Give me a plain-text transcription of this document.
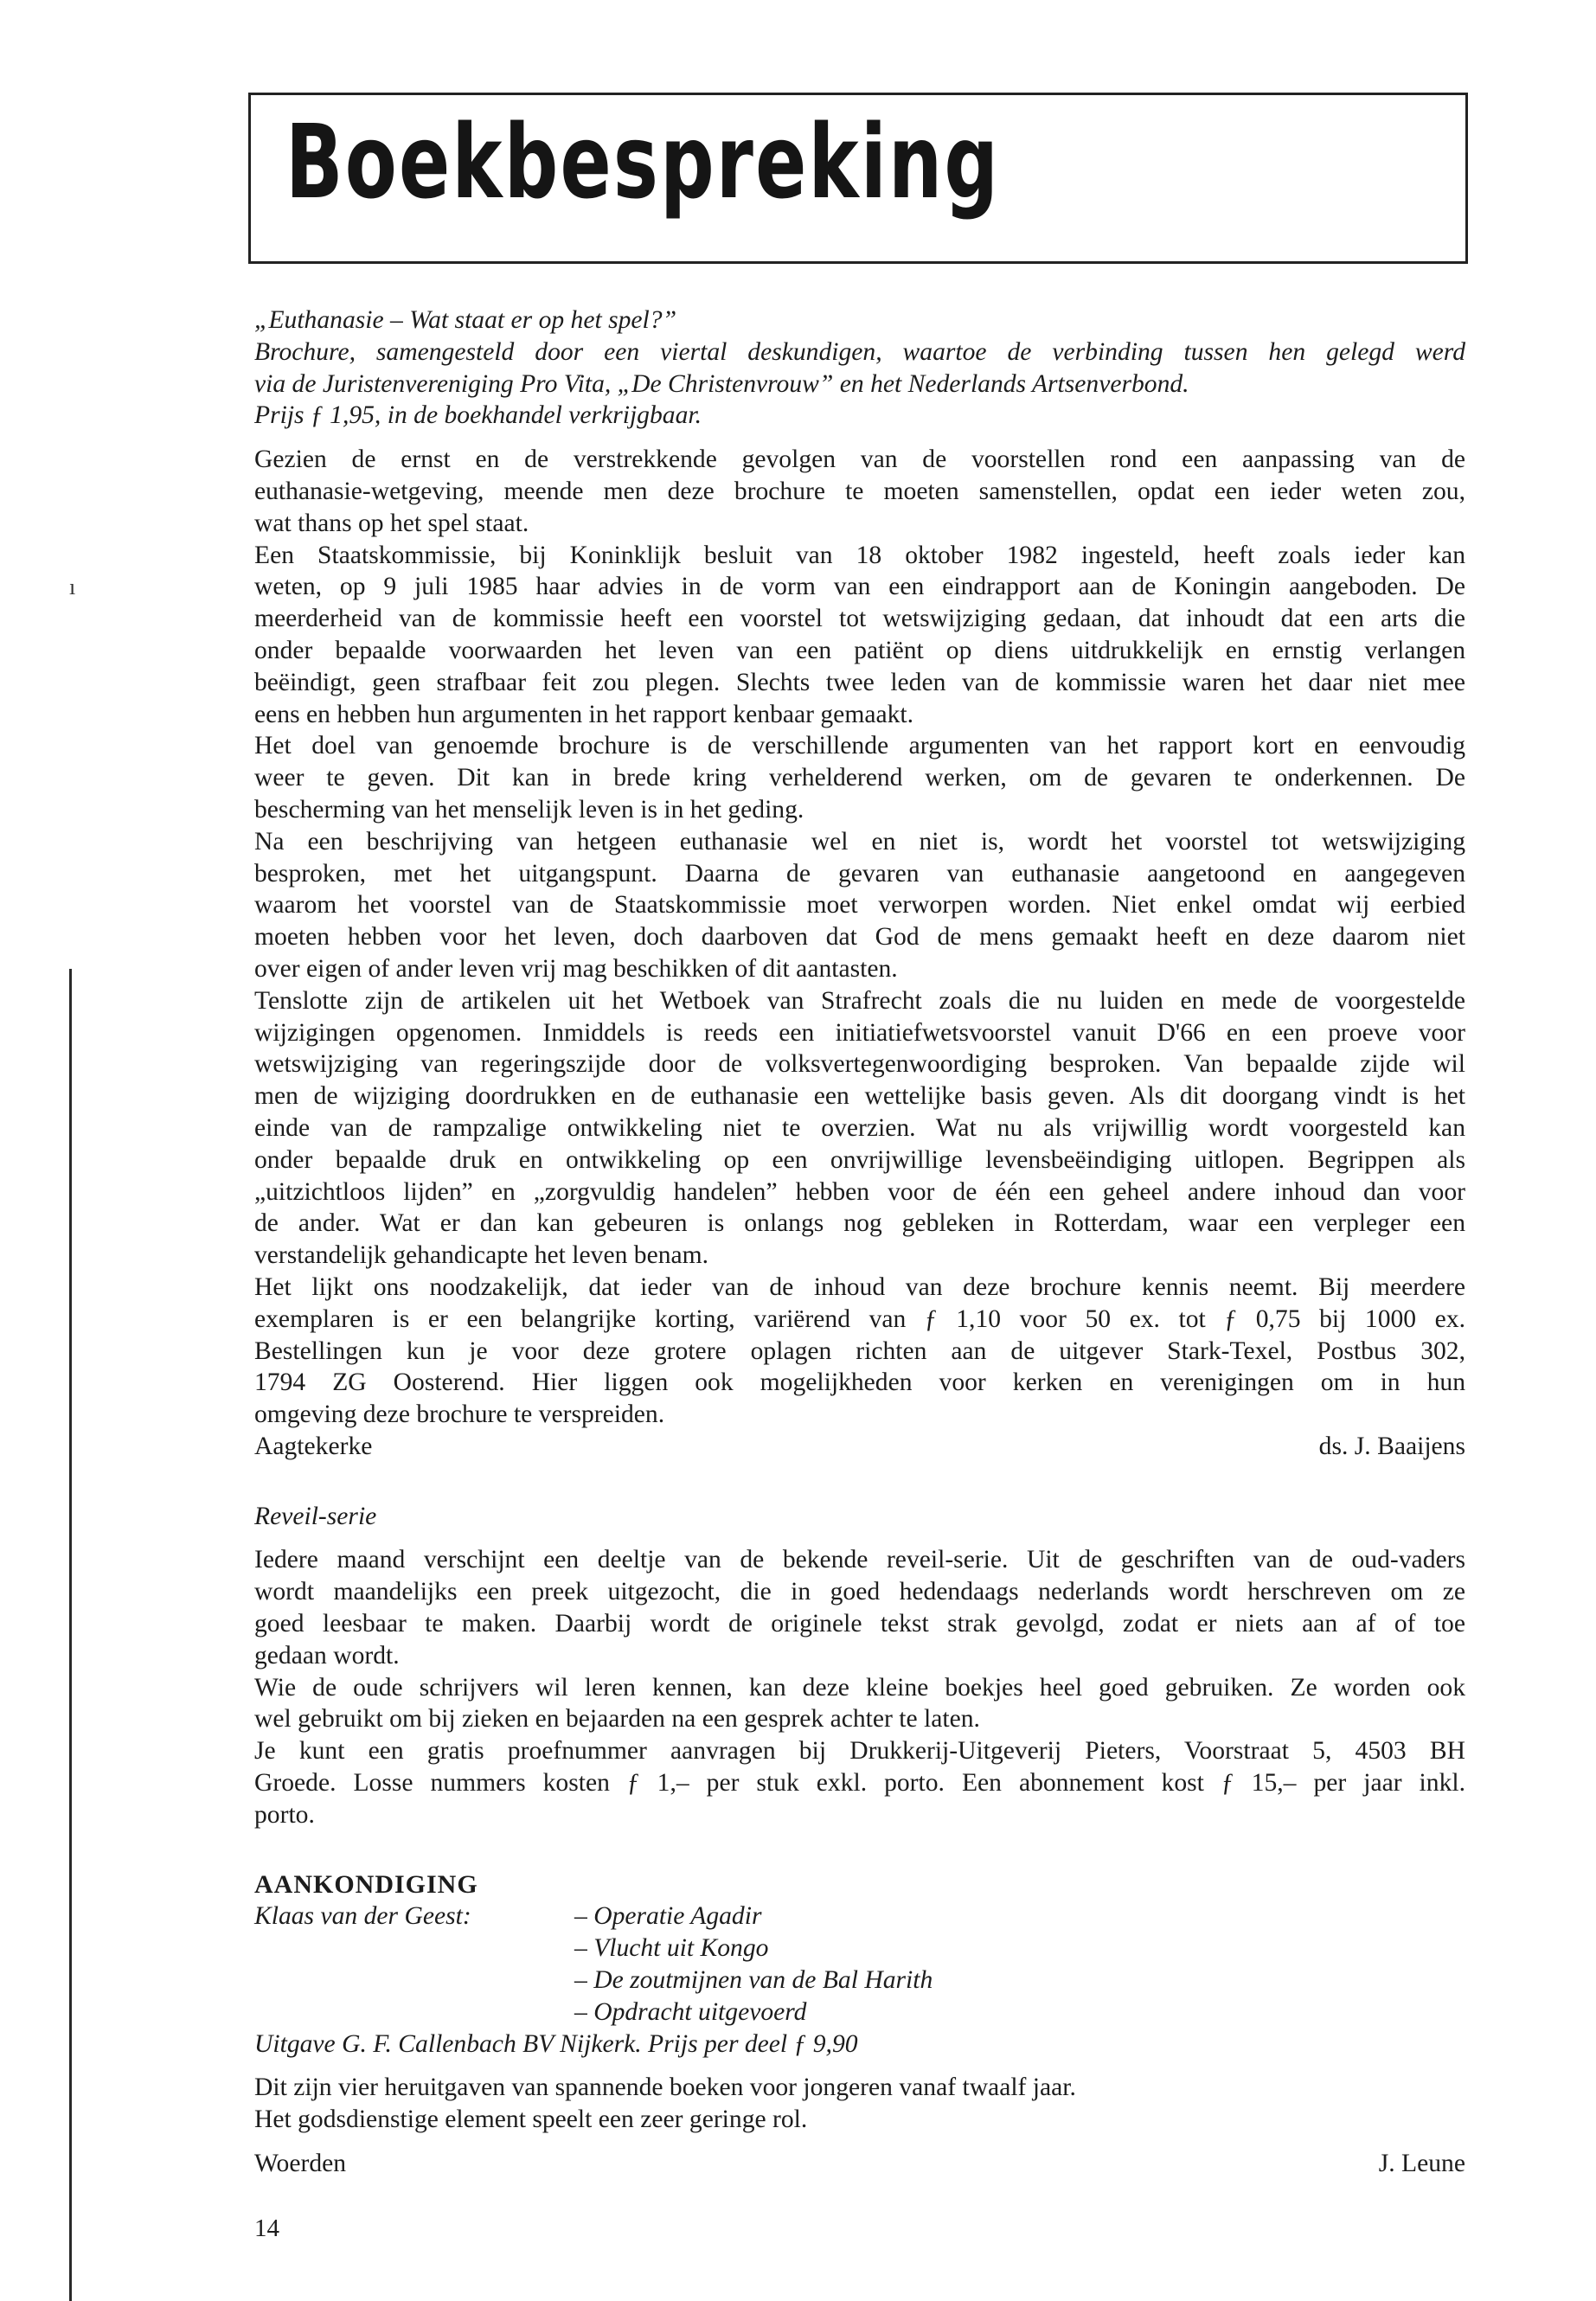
ı
Boekbespreking
„Euthanasie – Wat staat er op het spel?”
Brochure, samengesteld door een viertal deskundigen, waartoe de verbinding tussen hen gelegd werd
via de Juristenvereniging Pro Vita, „De Christenvrouw” en het Nederlands Artsenverbond.
Prijs ƒ 1,95, in de boekhandel verkrijgbaar.
Gezien de ernst en de verstrekkende gevolgen van de voorstellen rond een aanpassing van de
euthanasie-wetgeving, meende men deze brochure te moeten samenstellen, opdat een ieder weten zou,
wat thans op het spel staat.
Een Staatskommissie, bij Koninklijk besluit van 18 oktober 1982 ingesteld, heeft zoals ieder kan
weten, op 9 juli 1985 haar advies in de vorm van een eindrapport aan de Koningin aangeboden. De
meerderheid van de kommissie heeft een voorstel tot wetswijziging gedaan, dat inhoudt dat een arts die
onder bepaalde voorwaarden het leven van een patiënt op diens uitdrukkelijk en ernstig verlangen
beëindigt, geen strafbaar feit zou plegen. Slechts twee leden van de kommissie waren het daar niet mee
eens en hebben hun argumenten in het rapport kenbaar gemaakt.
Het doel van genoemde brochure is de verschillende argumenten van het rapport kort en eenvoudig
weer te geven. Dit kan in brede kring verhelderend werken, om de gevaren te onderkennen. De
bescherming van het menselijk leven is in het geding.
Na een beschrijving van hetgeen euthanasie wel en niet is, wordt het voorstel tot wetswijziging
besproken, met het uitgangspunt. Daarna de gevaren van euthanasie aangetoond en aangegeven
waarom het voorstel van de Staatskommissie moet verworpen worden. Niet enkel omdat wij eerbied
moeten hebben voor het leven, doch daarboven dat God de mens gemaakt heeft en deze daarom niet
over eigen of ander leven vrij mag beschikken of dit aantasten.
Tenslotte zijn de artikelen uit het Wetboek van Strafrecht zoals die nu luiden en mede de voorgestelde
wijzigingen opgenomen. Inmiddels is reeds een initiatiefwetsvoorstel vanuit D'66 en een proeve voor
wetswijziging van regeringszijde door de volksvertegenwoordiging besproken. Van bepaalde zijde wil
men de wijziging doordrukken en de euthanasie een wettelijke basis geven. Als dit doorgang vindt is het
einde van de rampzalige ontwikkeling niet te overzien. Wat nu als vrijwillig wordt voorgesteld kan
onder bepaalde druk en ontwikkeling op een onvrijwillige levensbeëindiging uitlopen. Begrippen als
„uitzichtloos lijden” en „zorgvuldig handelen” hebben voor de één een geheel andere inhoud dan voor
de ander. Wat er dan kan gebeuren is onlangs nog gebleken in Rotterdam, waar een verpleger een
verstandelijk gehandicapte het leven benam.
Het lijkt ons noodzakelijk, dat ieder van de inhoud van deze brochure kennis neemt. Bij meerdere
exemplaren is er een belangrijke korting, variërend van ƒ 1,10 voor 50 ex. tot ƒ 0,75 bij 1000 ex.
Bestellingen kun je voor deze grotere oplagen richten aan de uitgever Stark-Texel, Postbus 302,
1794 ZG Oosterend. Hier liggen ook mogelijkheden voor kerken en verenigingen om in hun
omgeving deze brochure te verspreiden.
Aagtekerke	ds. J. Baaijens
Reveil-serie
Iedere maand verschijnt een deeltje van de bekende reveil-serie. Uit de geschriften van de oud-vaders
wordt maandelijks een preek uitgezocht, die in goed hedendaags nederlands wordt herschreven om ze
goed leesbaar te maken. Daarbij wordt de originele tekst strak gevolgd, zodat er niets aan af of toe
gedaan wordt.
Wie de oude schrijvers wil leren kennen, kan deze kleine boekjes heel goed gebruiken. Ze worden ook
wel gebruikt om bij zieken en bejaarden na een gesprek achter te laten.
Je kunt een gratis proefnummer aanvragen bij Drukkerij-Uitgeverij Pieters, Voorstraat 5, 4503 BH
Groede. Losse nummers kosten ƒ 1,– per stuk exkl. porto. Een abonnement kost ƒ 15,– per jaar inkl.
porto.
AANKONDIGING
Klaas van der Geest:	– Operatie Agadir
– Vlucht uit Kongo
– De zoutmijnen van de Bal Harith
– Opdracht uitgevoerd
Uitgave G. F. Callenbach BV Nijkerk. Prijs per deel ƒ 9,90
Dit zijn vier heruitgaven van spannende boeken voor jongeren vanaf twaalf jaar.
Het godsdienstige element speelt een zeer geringe rol.
Woerden	J. Leune
14
